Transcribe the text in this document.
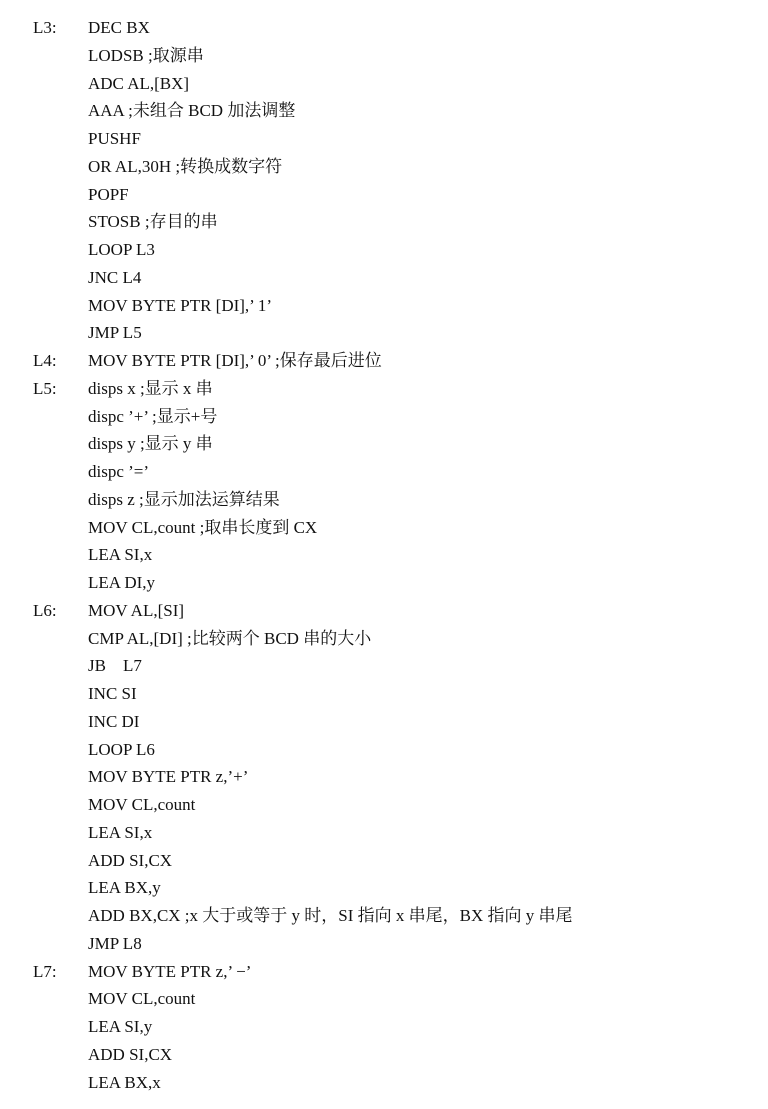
L3: DEC BX
LODSB ;取源串
ADC AL,[BX]
AAA ;未组合 BCD 加法调整
PUSHF
OR AL,30H ;转换成数字符
POPF
STOSB ;存目的串
LOOP L3
JNC L4
MOV BYTE PTR [DI],’ 1’
JMP L5
L4: MOV BYTE PTR [DI],’ 0’ ;保存最后进位
L5: disps x ;显示 x 串
dispc ’+’ ;显示+号
disps y ;显示 y 串
dispc ’=’
disps z ;显示加法运算结果
MOV CL,count ;取串长度到 CX
LEA SI,x
LEA DI,y
L6: MOV AL,[SI]
CMP AL,[DI] ;比较两个 BCD 串的大小
JB    L7
INC SI
INC DI
LOOP L6
MOV BYTE PTR z,’+’
MOV CL,count
LEA SI,x
ADD SI,CX
LEA BX,y
ADD BX,CX ;x 大于或等于 y 时，SI 指向 x 串尾，BX 指向 y 串尾
JMP L8
L7: MOV BYTE PTR z,’ −’
MOV CL,count
LEA SI,y
ADD SI,CX
LEA BX,x
